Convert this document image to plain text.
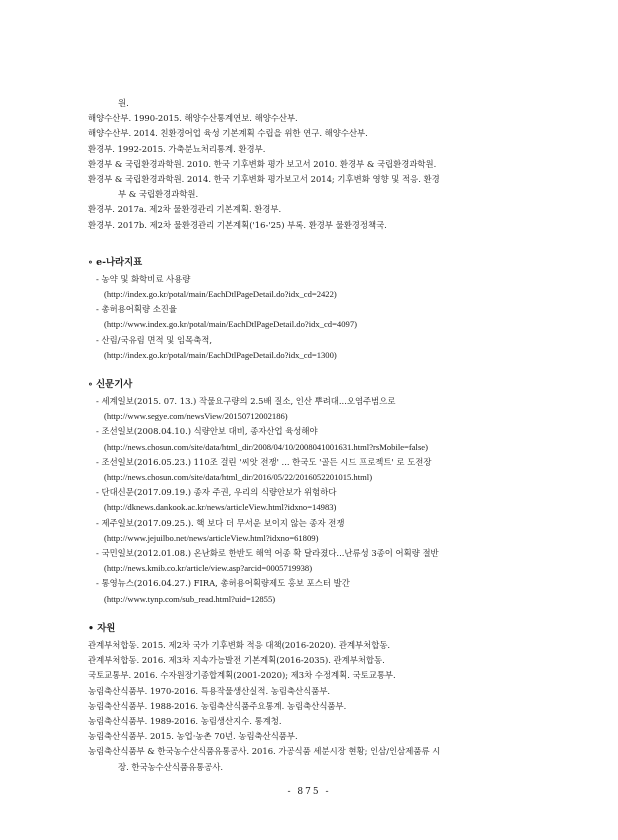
원.
해양수산부. 1990-2015. 해양수산통계연보. 해양수산부.
해양수산부. 2014. 친환경어업 육성 기본계획 수립을 위한 연구. 해양수산부.
환경부. 1992-2015. 가축분뇨처리통계. 환경부.
환경부 & 국립환경과학원. 2010. 한국 기후변화 평가 보고서 2010. 환경부 & 국립환경과학원.
환경부 & 국립환경과학원. 2014. 한국 기후변화 평가보고서 2014; 기후변화 영향 및 적응. 환경
부 & 국립환경과학원.
환경부. 2017a. 제2차 물환경관리 기본계획. 환경부.
환경부. 2017b. 제2차 물환경관리 기본계획('16-'25) 부록. 환경부 물환경정책국.
∘ e-나라지표
- 농약 및 화학비료 사용량
(http://index.go.kr/potal/main/EachDtlPageDetail.do?idx_cd=2422)
- 총허용어획량 소진율
(http://www.index.go.kr/potal/main/EachDtlPageDetail.do?idx_cd=4097)
- 산림/국유림 면적 및 임목축적,
(http://index.go.kr/potal/main/EachDtlPageDetail.do?idx_cd=1300)
∘ 신문기사
- 세계일보(2015. 07. 13.) 작물요구량의 2.5배 질소, 인산 뿌려대...오염주범으로
(http://www.segye.com/newsView/20150712002186)
- 조선일보(2008.04.10.) 식량안보 대비, 종자산업 육성해야
(http://news.chosun.com/site/data/html_dir/2008/04/10/2008041001631.html?rsMobile=false)
- 조선일보(2016.05.23.) 110조 걸린 '씨앗 전쟁' ... 한국도 '골든 시드 프로젝트' 로 도전장
(http://news.chosun.com/site/data/html_dir/2016/05/22/2016052201015.html)
- 단대신문(2017.09.19.) 종자 주권, 우리의 식량안보가 위험하다
(http://dknews.dankook.ac.kr/news/articleView.html?idxno=14983)
- 제주일보(2017.09.25.). 핵 보다 더 무서운 보이지 않는 종자 전쟁
(http://www.jejuilbo.net/news/articleView.html?idxno=61809)
- 국민일보(2012.01.08.) 온난화로 한반도 해역 어종 확 달라졌다...난류성 3종이 어획량 절반
(http://news.kmib.co.kr/article/view.asp?arcid=0005719938)
- 통영뉴스(2016.04.27.) FIRA, 총허용어획량제도 홍보 포스터 발간
(http://www.tynp.com/sub_read.html?uid=12855)
• 자원
관계부처합동. 2015. 제2차 국가 기후변화 적응 대책(2016-2020). 관계부처합동.
관계부처합동. 2016. 제3차 지속가능발전 기본계획(2016-2035). 관계부처합동.
국토교통부. 2016. 수자원장기종합계획(2001-2020); 제3차 수정계획. 국토교통부.
농림축산식품부. 1970-2016. 특용작물생산실적. 농림축산식품부.
농림축산식품부. 1988-2016. 농림축산식품주요통계. 농림축산식품부.
농림축산식품부. 1989-2016. 농림생산지수. 통계청.
농림축산식품부. 2015. 농업·농촌 70년. 농림축산식품부.
농림축산식품부 & 한국농수산식품유통공사. 2016. 가공식품 세분시장 현황; 인삼/인삼제품류 시
장. 한국농수산식품유통공사.
- 875 -
